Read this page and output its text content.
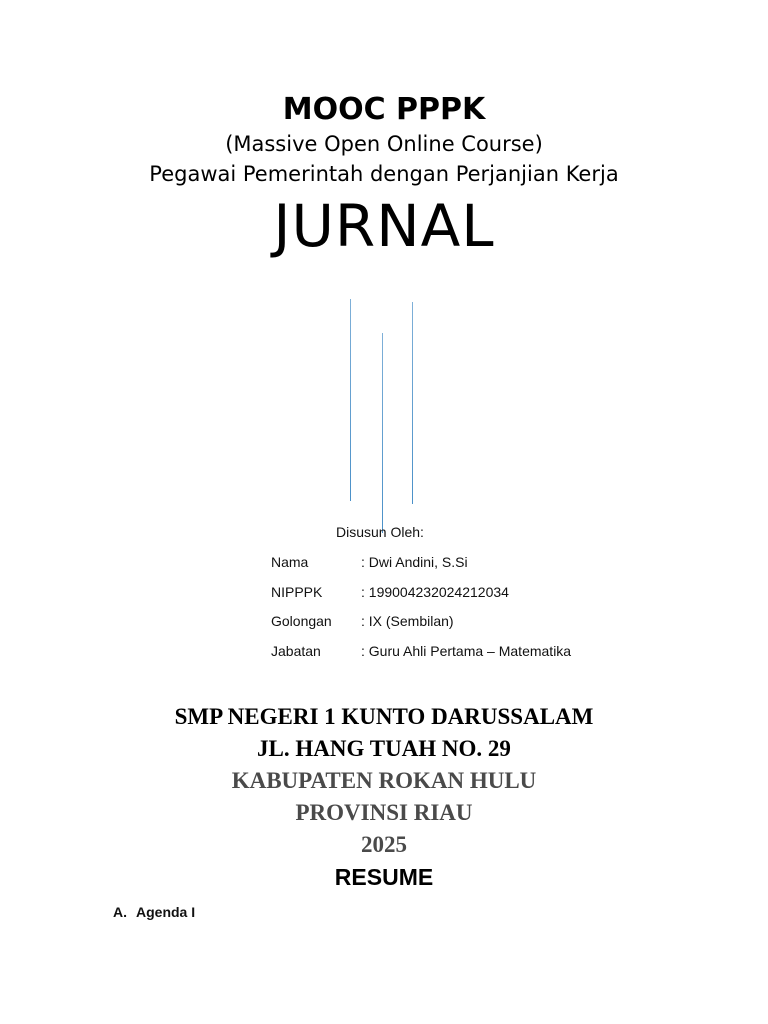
MOOC PPPK
(Massive Open Online Course)
Pegawai Pemerintah dengan Perjanjian Kerja
JURNAL
Disusun Oleh:
Nama	: Dwi Andini, S.Si
NIPPPK	: 199004232024212034
Golongan : IX (Sembilan)
Jabatan	: Guru Ahli Pertama – Matematika
SMP NEGERI 1 KUNTO DARUSSALAM
JL. HANG TUAH NO. 29
KABUPATEN ROKAN HULU
PROVINSI RIAU
2025
RESUME
A. Agenda I
